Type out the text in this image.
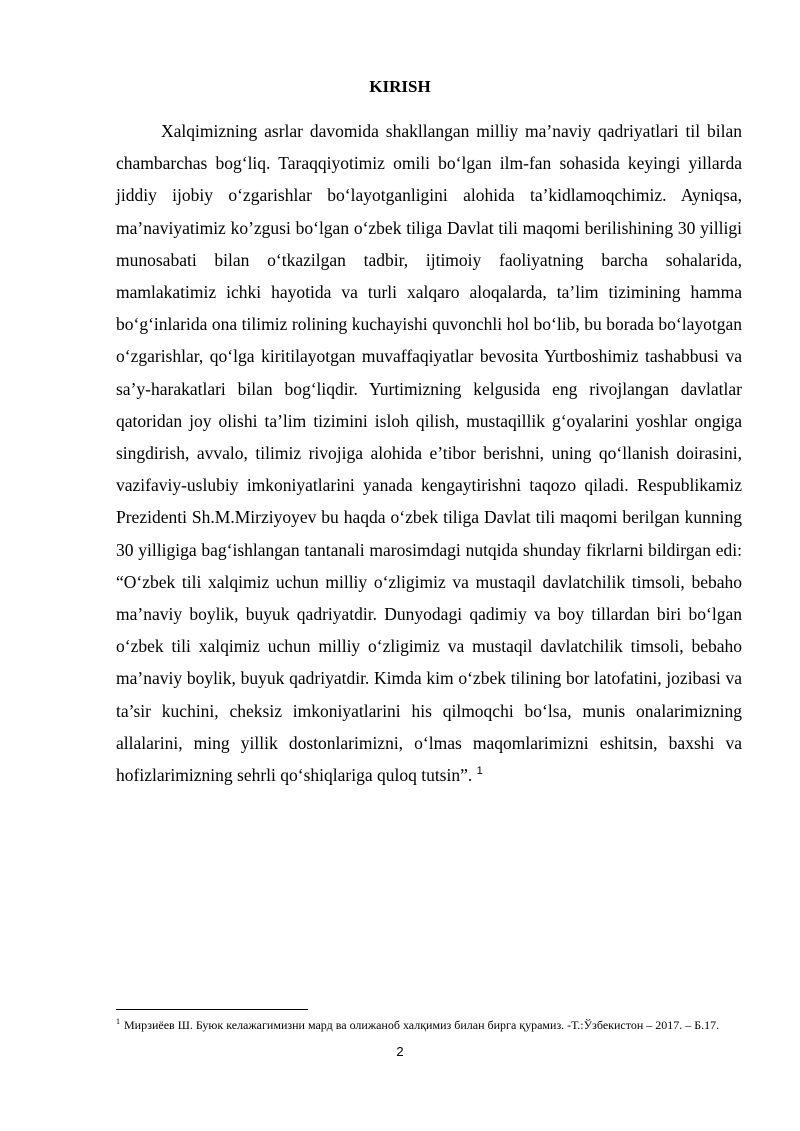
KIRISH

Xalqimizning asrlar davomida shakllangan milliy ma’naviy qadriyatlari til bilan chambarchas bog‘liq. Taraqqiyotimiz omili bo‘lgan ilm-fan sohasida keyingi yillarda jiddiy ijobiy o‘zgarishlar bo‘layotganligini alohida ta’kidlamoqchimiz. Ayniqsa, ma’naviyatimiz ko’zgusi bo‘lgan o‘zbek tiliga Davlat tili maqomi berilishining 30 yilligi munosabati bilan o‘tkazilgan tadbir, ijtimoiy faoliyatning barcha sohalarida, mamlakatimiz ichki hayotida va turli xalqaro aloqalarda, ta’lim tizimining hamma bo‘g‘inlarida ona tilimiz rolining kuchayishi quvonchli hol bo‘lib, bu borada bo‘layotgan o‘zgarishlar, qo‘lga kiritilayotgan muvaffaqiyatlar bevosita Yurtboshimiz tashabbusi va sa’y-harakatlari bilan bog‘liqdir. Yurtimizning kelgusida eng rivojlangan davlatlar qatoridan joy olishi ta’lim tizimini isloh qilish, mustaqillik g‘oyalarini yoshlar ongiga singdirish, avvalo, tilimiz rivojiga alohida e’tibor berishni, uning qo‘llanish doirasini, vazifaviy-uslubiy imkoniyatlarini yanada kengaytirishni taqozo qiladi. Respublikamiz Prezidenti Sh.M.Mirziyoyev bu haqda o‘zbek tiliga Davlat tili maqomi berilgan kunning 30 yilligiga bag‘ishlangan tantanali marosimdagi nutqida shunday fikrlarni bildirgan edi: “O‘zbek tili xalqimiz uchun milliy o‘zligimiz va mustaqil davlatchilik timsoli, bebaho ma’naviy boylik, buyuk qadriyatdir. Dunyodagi qadimiy va boy tillardan biri bo‘lgan o‘zbek tili xalqimiz uchun milliy o‘zligimiz va mustaqil davlatchilik timsoli, bebaho ma’naviy boylik, buyuk qadriyatdir. Kimda kim o‘zbek tilining bor latofatini, jozibasi va ta’sir kuchini, cheksiz imkoniyatlarini his qilmoqchi bo‘lsa, munis onalarimizning allalarini, ming yillik dostonlarimizni, o‘lmas maqomlarimizni eshitsin, baxshi va hofizlarimizning sehrli qo‘shiqlariga quloq tutsin”. $^1$

$^1$ Мирзиёев Ш. Буюк келажагимизни мард ва олижаноб халқимиз билан бирга қурамиз. -Т.:Ўзбекистон – 2017. – Б.17.

2
